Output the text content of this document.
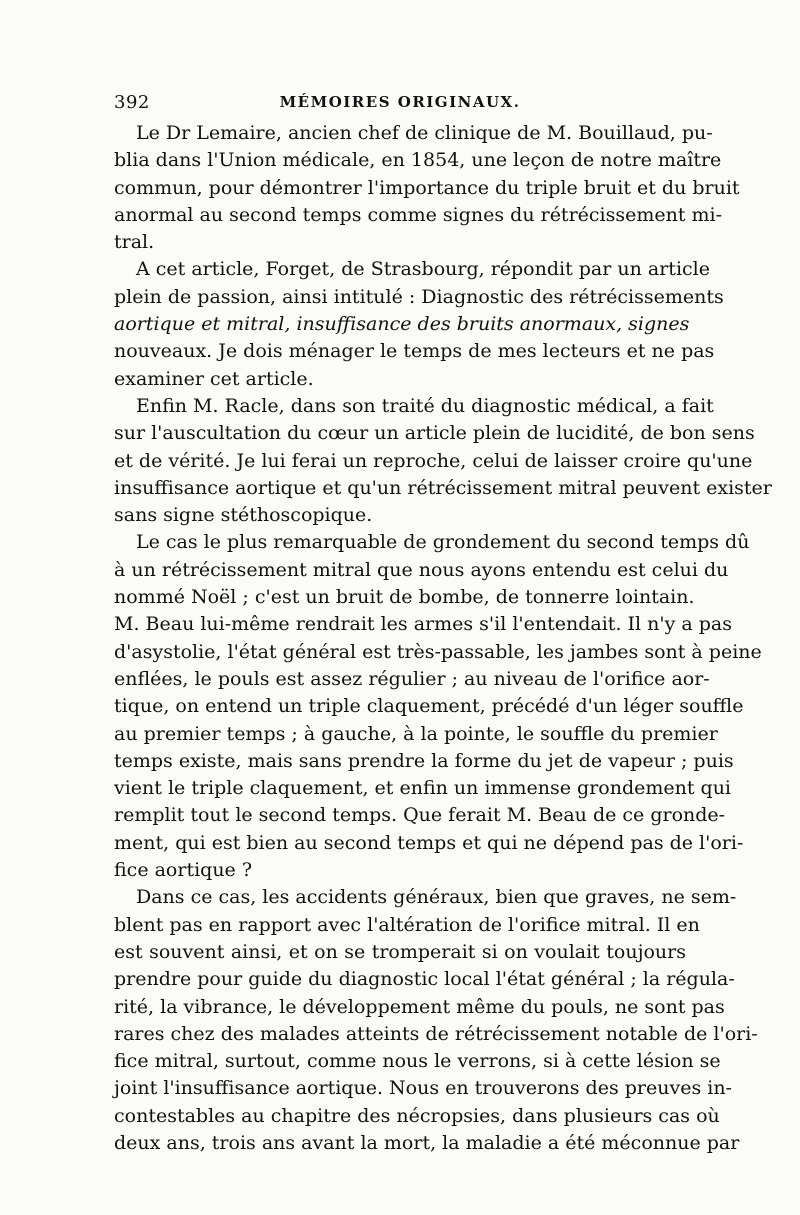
392	MÉMOIRES ORIGINAUX.
Le Dr Lemaire, ancien chef de clinique de M. Bouillaud, pu-
blia dans l'Union médicale, en 1854, une leçon de notre maître
commun, pour démontrer l'importance du triple bruit et du bruit
anormal au second temps comme signes du rétrécissement mi-
tral.
A cet article, Forget, de Strasbourg, répondit par un article
plein de passion, ainsi intitulé : Diagnostic des rétrécissements
aortique et mitral, insuffisance des bruits anormaux, signes
nouveaux. Je dois ménager le temps de mes lecteurs et ne pas
examiner cet article.
Enfin M. Racle, dans son traité du diagnostic médical, a fait
sur l'auscultation du cœur un article plein de lucidité, de bon sens
et de vérité. Je lui ferai un reproche, celui de laisser croire qu'une
insuffisance aortique et qu'un rétrécissement mitral peuvent exister
sans signe stéthoscopique.
Le cas le plus remarquable de grondement du second temps dû
à un rétrécissement mitral que nous ayons entendu est celui du
nommé Noël ; c'est un bruit de bombe, de tonnerre lointain.
M. Beau lui-même rendrait les armes s'il l'entendait. Il n'y a pas
d'asystolie, l'état général est très-passable, les jambes sont à peine
enflées, le pouls est assez régulier ; au niveau de l'orifice aor-
tique, on entend un triple claquement, précédé d'un léger souffle
au premier temps ; à gauche, à la pointe, le souffle du premier
temps existe, mais sans prendre la forme du jet de vapeur ; puis
vient le triple claquement, et enfin un immense grondement qui
remplit tout le second temps. Que ferait M. Beau de ce gronde-
ment, qui est bien au second temps et qui ne dépend pas de l'ori-
fice aortique ?
Dans ce cas, les accidents généraux, bien que graves, ne sem-
blent pas en rapport avec l'altération de l'orifice mitral. Il en
est souvent ainsi, et on se tromperait si on voulait toujours
prendre pour guide du diagnostic local l'état général ; la régula-
rité, la vibrance, le développement même du pouls, ne sont pas
rares chez des malades atteints de rétrécissement notable de l'ori-
fice mitral, surtout, comme nous le verrons, si à cette lésion se
joint l'insuffisance aortique. Nous en trouverons des preuves in-
contestables au chapitre des nécropsies, dans plusieurs cas où
deux ans, trois ans avant la mort, la maladie a été méconnue par
